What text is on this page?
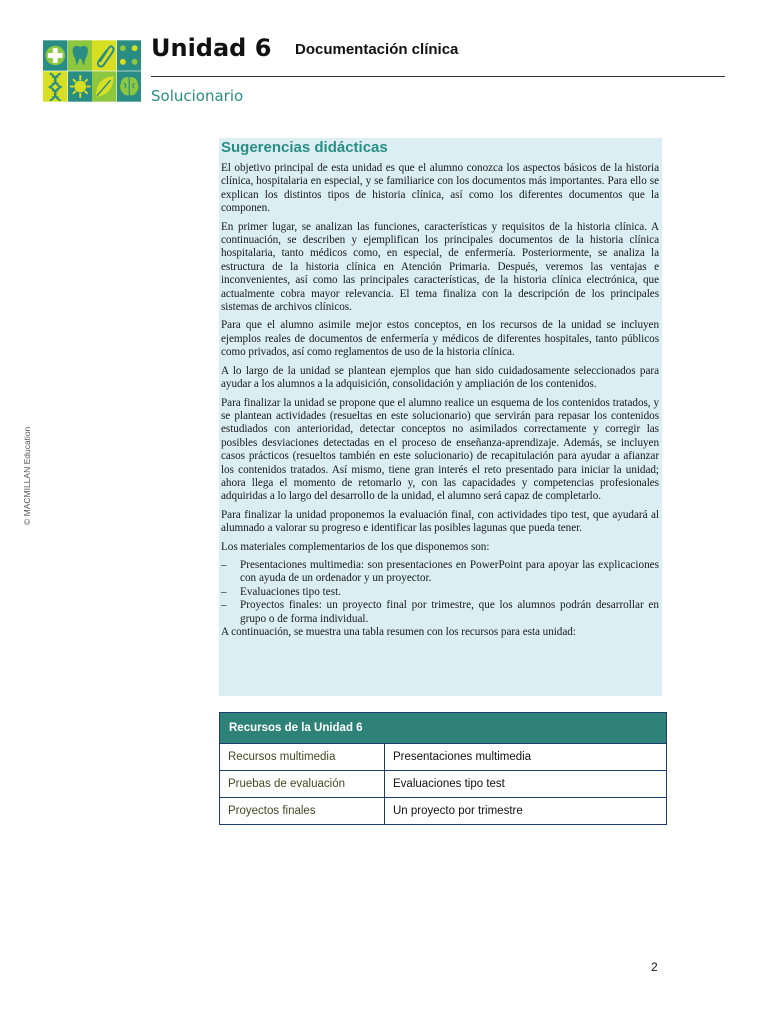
Unidad 6 Documentación clínica
Solucionario
© MACMILLAN Education
Sugerencias didácticas

El objetivo principal de esta unidad es que el alumno conozca los aspectos básicos de la historia clínica, hospitalaria en especial, y se familiarice con los documentos más importantes. Para ello se explican los distintos tipos de historia clínica, así como los diferentes documentos que la componen.

En primer lugar, se analizan las funciones, características y requisitos de la historia clínica. A continuación, se describen y ejemplifican los principales documentos de la historia clínica hospitalaria, tanto médicos como, en especial, de enfermería. Posteriormente, se analiza la estructura de la historia clínica en Atención Primaria. Después, veremos las ventajas e inconvenientes, así como las principales características, de la historia clínica electrónica, que actualmente cobra mayor relevancia. El tema finaliza con la descripción de los principales sistemas de archivos clínicos.

Para que el alumno asimile mejor estos conceptos, en los recursos de la unidad se incluyen ejemplos reales de documentos de enfermería y médicos de diferentes hospitales, tanto públicos como privados, así como reglamentos de uso de la historia clínica.

A lo largo de la unidad se plantean ejemplos que han sido cuidadosamente seleccionados para ayudar a los alumnos a la adquisición, consolidación y ampliación de los contenidos.

Para finalizar la unidad se propone que el alumno realice un esquema de los contenidos tratados, y se plantean actividades (resueltas en este solucionario) que servirán para repasar los contenidos estudiados con anterioridad, detectar conceptos no asimilados correctamente y corregir las posibles desviaciones detectadas en el proceso de enseñanza-aprendizaje. Además, se incluyen casos prácticos (resueltos también en este solucionario) de recapitulación para ayudar a afianzar los contenidos tratados. Así mismo, tiene gran interés el reto presentado para iniciar la unidad; ahora llega el momento de retomarlo y, con las capacidades y competencias profesionales adquiridas a lo largo del desarrollo de la unidad, el alumno será capaz de completarlo.

Para finalizar la unidad proponemos la evaluación final, con actividades tipo test, que ayudará al alumnado a valorar su progreso e identificar las posibles lagunas que pueda tener.

Los materiales complementarios de los que disponemos son:

– Presentaciones multimedia: son presentaciones en PowerPoint para apoyar las explicaciones con ayuda de un ordenador y un proyector.
– Evaluaciones tipo test.
– Proyectos finales: un proyecto final por trimestre, que los alumnos podrán desarrollar en grupo o de forma individual.

A continuación, se muestra una tabla resumen con los recursos para esta unidad:

Recursos de la Unidad 6	
Recursos multimedia	Presentaciones multimedia
Pruebas de evaluación	Evaluaciones tipo test
Proyectos finales	Un proyecto por trimestre
2
